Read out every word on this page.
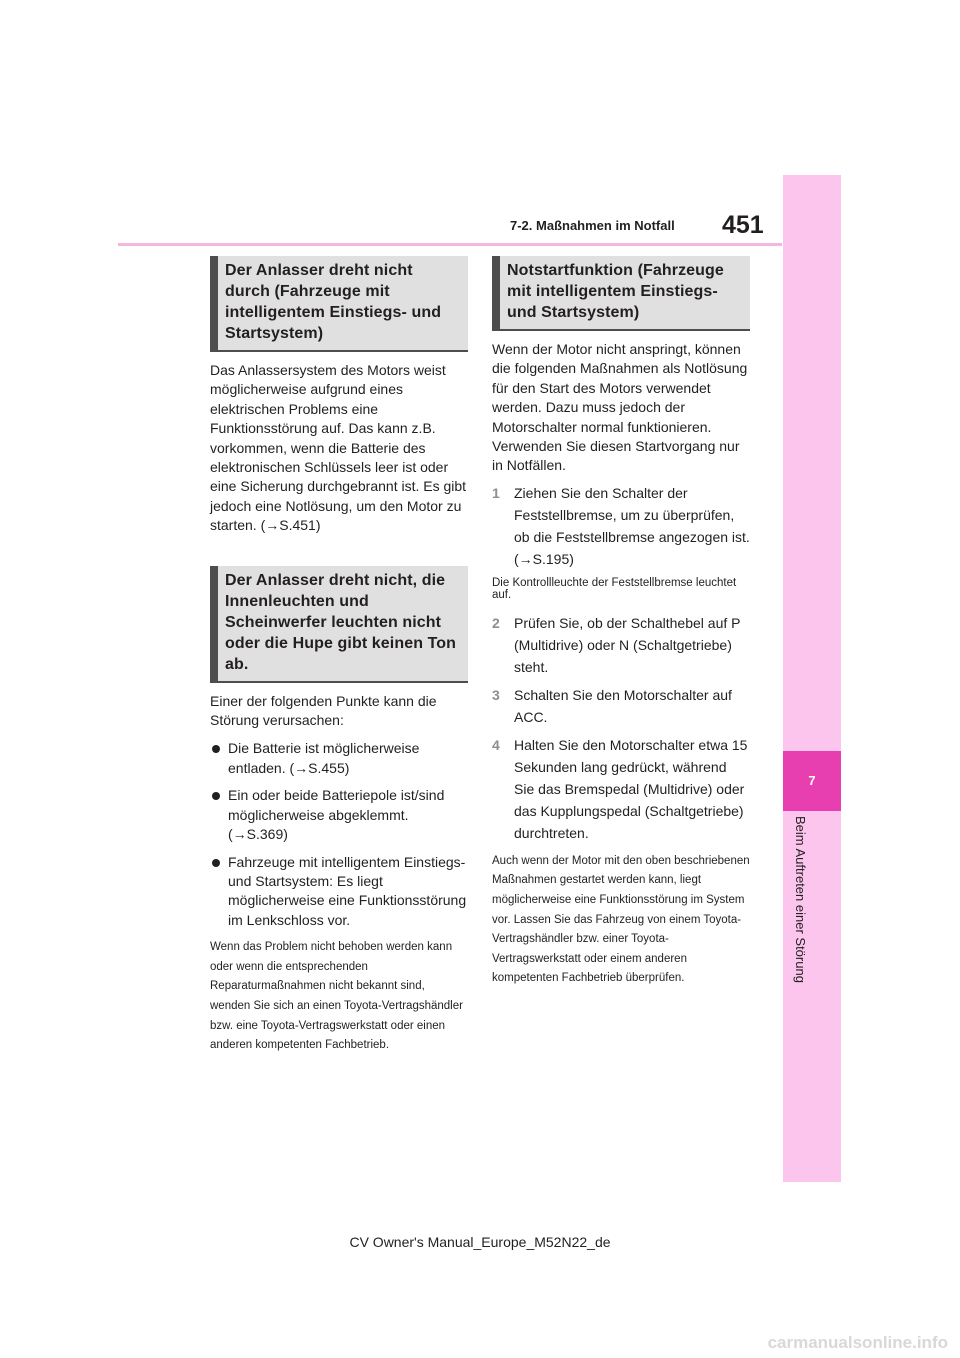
7-2. Maßnahmen im Notfall 451
7
Beim Auftreten einer Störung
Der Anlasser dreht nicht durch (Fahrzeuge mit intelligentem Einstiegs- und Startsystem)

Das Anlassersystem des Motors weist möglicherweise aufgrund eines elektrischen Problems eine Funktionsstörung auf. Das kann z.B. vorkommen, wenn die Batterie des elektronischen Schlüssels leer ist oder eine Sicherung durchgebrannt ist. Es gibt jedoch eine Notlösung, um den Motor zu starten. (→S.451)

Der Anlasser dreht nicht, die Innenleuchten und Scheinwerfer leuchten nicht oder die Hupe gibt keinen Ton ab.

Einer der folgenden Punkte kann die Störung verursachen:

Die Batterie ist möglicherweise entladen. (→S.455)
Ein oder beide Batteriepole ist/sind möglicherweise abgeklemmt. (→S.369)
Fahrzeuge mit intelligentem Einstiegs- und Startsystem: Es liegt möglicherweise eine Funktionsstörung im Lenkschloss vor.

Wenn das Problem nicht behoben werden kann oder wenn die entsprechenden Reparaturmaßnahmen nicht bekannt sind, wenden Sie sich an einen Toyota-Vertragshändler bzw. eine Toyota-Vertragswerkstatt oder einen anderen kompetenten Fachbetrieb.

Notstartfunktion (Fahrzeuge mit intelligentem Einstiegs- und Startsystem)

Wenn der Motor nicht anspringt, können die folgenden Maßnahmen als Notlösung für den Start des Motors verwendet werden. Dazu muss jedoch der Motorschalter normal funktionieren. Verwenden Sie diesen Startvorgang nur in Notfällen.

1 Ziehen Sie den Schalter der Feststellbremse, um zu überprüfen, ob die Feststellbremse angezogen ist. (→S.195)

Die Kontrollleuchte der Feststellbremse leuchtet auf.

2 Prüfen Sie, ob der Schalthebel auf P (Multidrive) oder N (Schaltgetriebe) steht.
3 Schalten Sie den Motorschalter auf ACC.
4 Halten Sie den Motorschalter etwa 15 Sekunden lang gedrückt, während Sie das Bremspedal (Multidrive) oder das Kupplungspedal (Schaltgetriebe) durchtreten.

Auch wenn der Motor mit den oben beschriebenen Maßnahmen gestartet werden kann, liegt möglicherweise eine Funktionsstörung im System vor. Lassen Sie das Fahrzeug von einem Toyota-Vertragshändler bzw. einer Toyota-Vertragswerkstatt oder einem anderen kompetenten Fachbetrieb überprüfen.

CV Owner's Manual_Europe_M52N22_de
carmanualsonline.info
